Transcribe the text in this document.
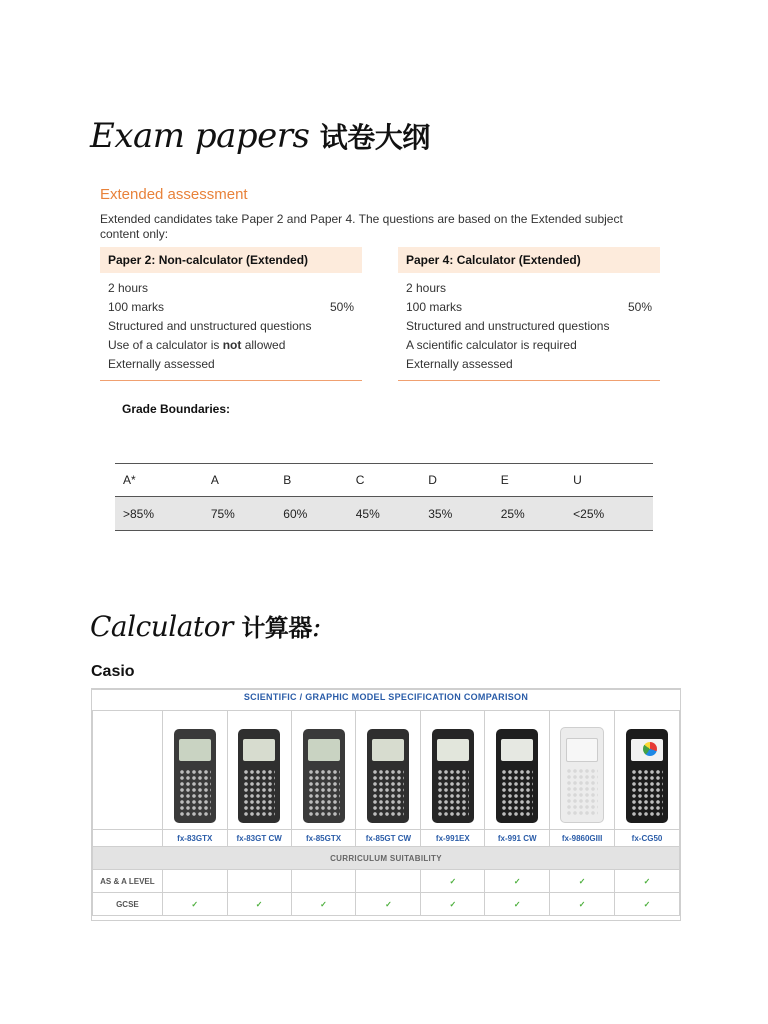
Exam papers 试卷大纲
Extended assessment
Extended candidates take Paper 2 and Paper 4. The questions are based on the Extended subject content only:
Paper 2: Non-calculator (Extended)
2 hours
100 marks	50%
Structured and unstructured questions
Use of a calculator is not allowed
Externally assessed
Paper 4: Calculator (Extended)
2 hours
100 marks	50%
Structured and unstructured questions
A scientific calculator is required
Externally assessed
Grade Boundaries:
A*	A	B	C	D	E	U
>85%	75%	60%	45%	35%	25%	<25%
Calculator 计算器:
Casio
SCIENTIFIC / GRAPHIC MODEL SPECIFICATION COMPARISON

	fx-83GTX	fx-83GT CW	fx-85GTX	fx-85GT CW	fx-991EX	fx-991 CW	fx-9860GIII	fx-CG50
CURRICULUM SUITABILITY								
AS & A LEVEL					✓	✓	✓	✓
GCSE	✓	✓	✓	✓	✓	✓	✓	✓
